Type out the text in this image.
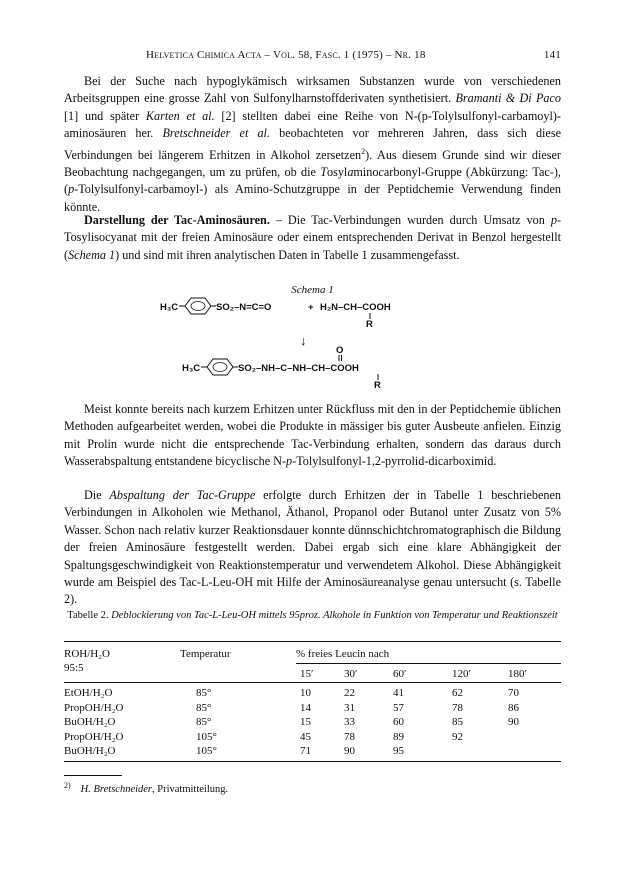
Helvetica Chimica Acta – Vol. 58, Fasc. 1 (1975) – Nr. 18	141
Bei der Suche nach hypoglykämisch wirksamen Substanzen wurde von verschiedenen Arbeitsgruppen eine grosse Zahl von Sulfonylharnstoffderivaten synthetisiert. Bramanti & Di Paco [1] und später Karten et al. [2] stellten dabei eine Reihe von N-(p-Tolylsulfonyl-carbamoyl)-aminosäuren her. Bretschneider et al. beobachteten vor mehreren Jahren, dass sich diese Verbindungen bei längerem Erhitzen in Alkohol zersetzen$^2$). Aus diesem Grunde sind wir dieser Beobachtung nachgegangen, um zu prüfen, ob die Tosylaminocarbonyl-Gruppe (Abkürzung: Tac-), (p-Tolylsulfonyl-carbamoyl-) als Amino-Schutzgruppe in der Peptidchemie Verwendung finden könnte.
Darstellung der Tac-Aminosäuren. – Die Tac-Verbindungen wurden durch Umsatz von p-Tosylisocyanat mit der freien Aminosäure oder einem entsprechenden Derivat in Benzol hergestellt (Schema 1) und sind mit ihren analytischen Daten in Tabelle 1 zusammengefasst.
Schema 1
H₃C	SO₂–N=C=O	+ H₂N–CH–COOH
R
↓
O
H₃C	SO₂–NH–C–NH–CH–COOH
R
Meist konnte bereits nach kurzem Erhitzen unter Rückfluss mit den in der Peptidchemie üblichen Methoden aufgearbeitet werden, wobei die Produkte in mässiger bis guter Ausbeute anfielen. Einzig mit Prolin wurde nicht die entsprechende Tac-Verbindung erhalten, sondern das daraus durch Wasserabspaltung entstandene bicyclische N-p-Tolylsulfonyl-1,2-pyrrolid-dicarboximid.
Die Abspaltung der Tac-Gruppe erfolgte durch Erhitzen der in Tabelle 1 beschriebenen Verbindungen in Alkoholen wie Methanol, Äthanol, Propanol oder Butanol unter Zusatz von 5% Wasser. Schon nach relativ kurzer Reaktionsdauer konnte dünnschichtchromatographisch die Bildung der freien Aminosäure festgestellt werden. Dabei ergab sich eine klare Abhängigkeit der Spaltungsgeschwindigkeit von Reaktionstemperatur und verwendetem Alkohol. Diese Abhängigkeit wurde am Beispiel des Tac-L-Leu-OH mit Hilfe der Aminosäureanalyse genau untersucht (s. Tabelle 2).
Tabelle 2. Deblockierung von Tac-L-Leu-OH mittels 95proz. Alkohole in Funktion von Temperatur und Reaktionszeit
ROH/H₂O
95:5
Temperatur	% freies Leucin nach
15′	30′	60′	120′	180′
EtOH/H₂O	85°	10	22	41	62	70
PropOH/H₂O	85°	14	31	57	78	86
BuOH/H₂O	85°	15	33	60	85	90
PropOH/H₂O	105°	45	78	89	92
BuOH/H₂O	105°	71	90	95
$^{2)}$ H. Bretschneider, Privatmitteilung.
